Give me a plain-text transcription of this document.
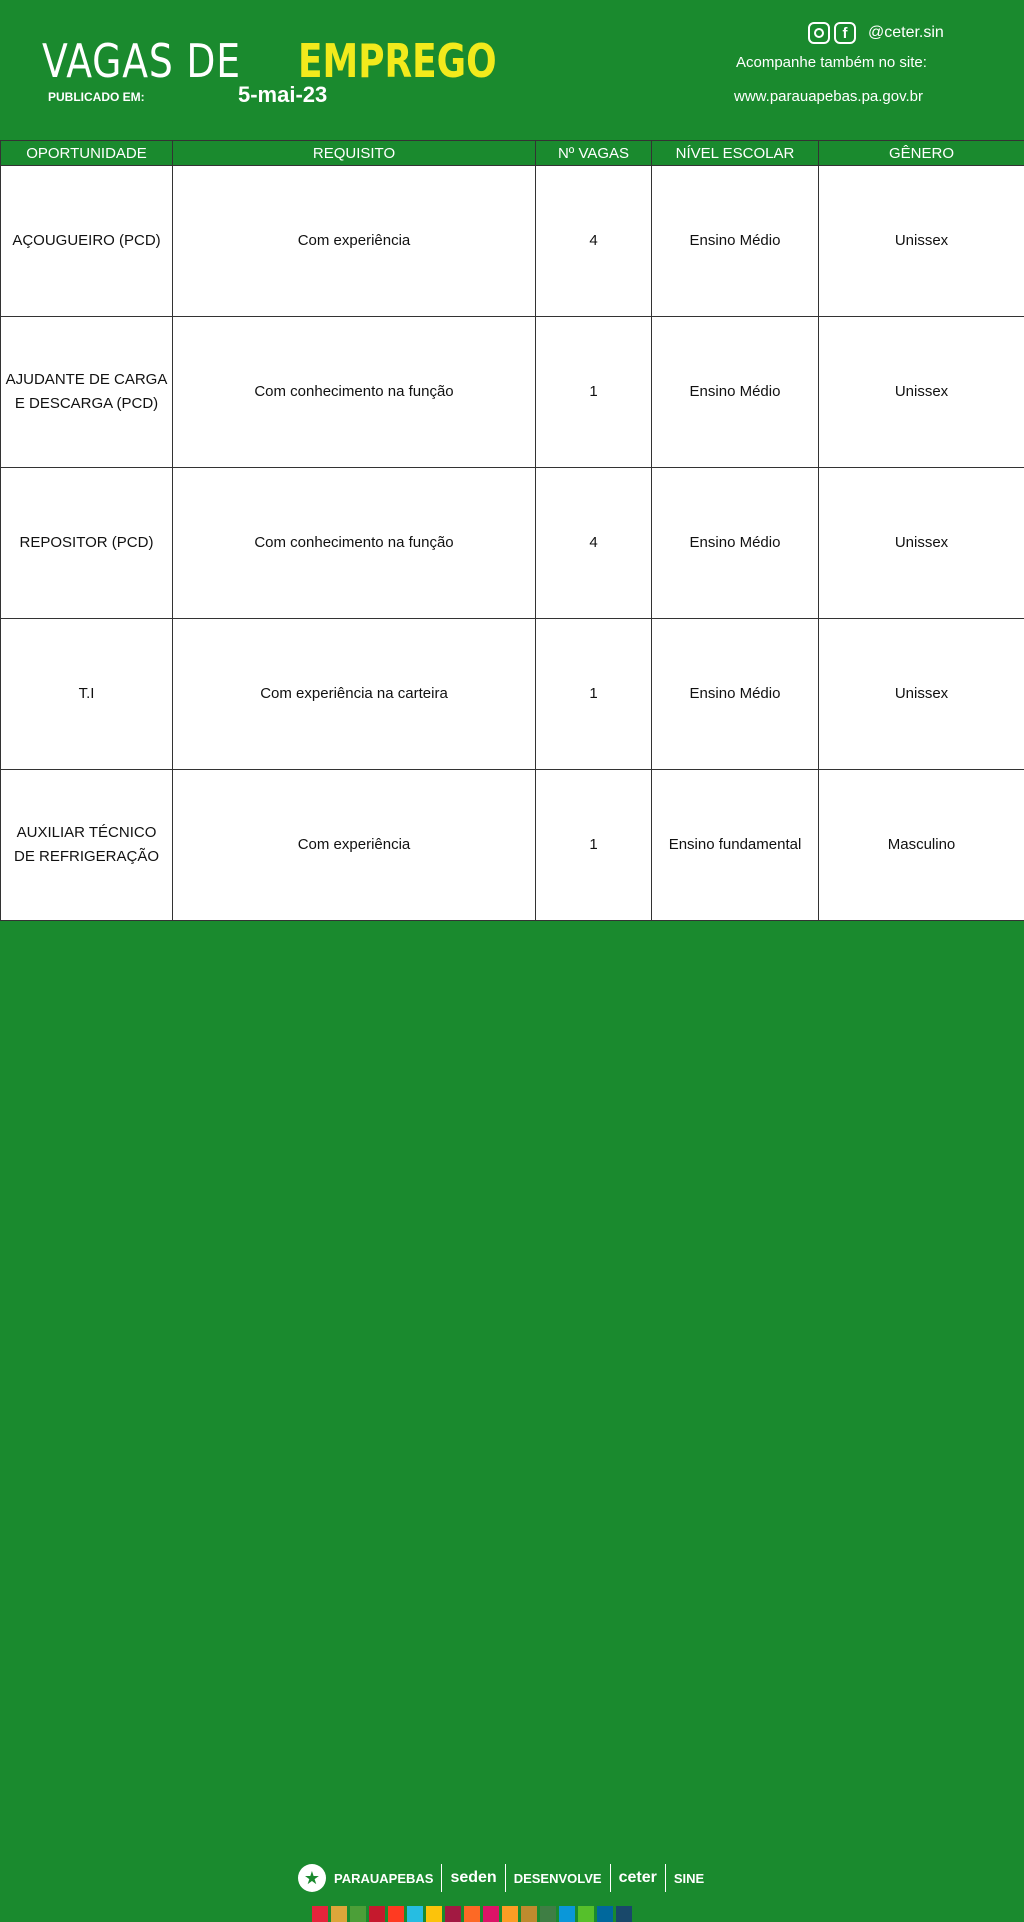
VAGAS DE EMPREGO
PUBLICADO EM:	5-mai-23
f	@ceter.sin
Acompanhe também no site:
www.parauapebas.pa.gov.br
OPORTUNIDADE	REQUISITO	Nº VAGAS	NÍVEL ESCOLAR	GÊNERO
AÇOUGUEIRO (PCD)	Com experiência	4	Ensino Médio	Unissex
AJUDANTE DE CARGA E DESCARGA (PCD)	Com conhecimento na função	1	Ensino Médio	Unissex
REPOSITOR (PCD)	Com conhecimento na função	4	Ensino Médio	Unissex
T.I	Com experiência na carteira	1	Ensino Médio	Unissex
AUXILIAR TÉCNICO DE REFRIGERAÇÃO	Com experiência	1	Ensino fundamental	Masculino
★	PARAUAPEBAS seden DESENVOLVE ceter SINE
